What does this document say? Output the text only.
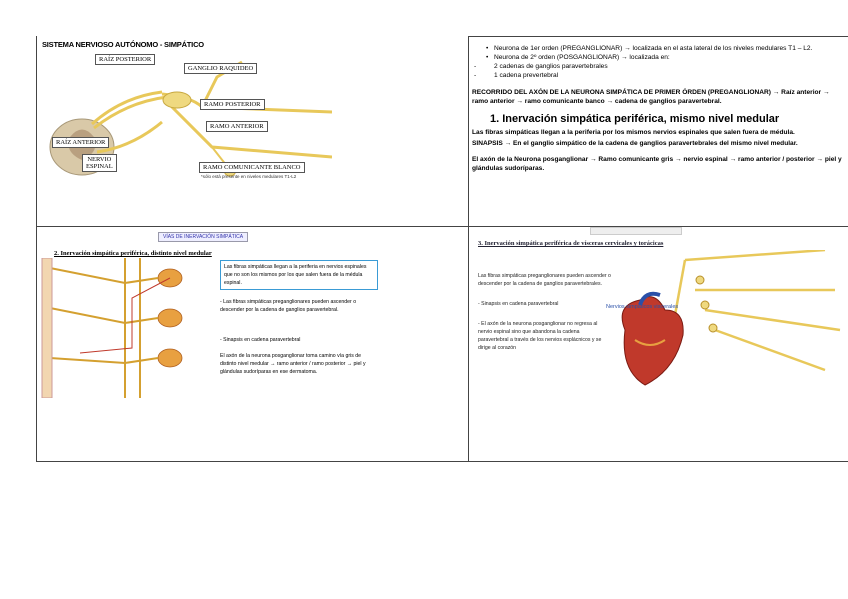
SISTEMA NERVIOSO AUTÓNOMO - SIMPÁTICO
RAÍZ POSTERIOR
GANGLIO RAQUIDEO
RAMO POSTERIOR
RAMO ANTERIOR
RAÍZ ANTERIOR
NERVIO
ESPINAL	RAMO COMUNICANTE BLANCO
*sólo está presente en niveles medulares T1-L2
• Neurona de 1er orden (PREGANGLIONAR) → localizada en el asta lateral de los niveles medulares T1 – L2.
• Neurona de 2º orden (POSGANGLIONAR) → localizada en:
-	2 cadenas de ganglios paravertebrales
-	1 cadena prevertebral
RECORRIDO DEL AXÓN DE LA NEURONA SIMPÁTICA DE PRIMER ÓRDEN (PREGANGLIONAR) → Raíz anterior → ramo anterior → ramo comunicante banco → cadena de ganglios paravertebral.
1. Inervación simpática periférica, mismo nivel medular
Las fibras simpáticas llegan a la periferia por los mismos nervios espinales que salen fuera de médula.
SINAPSIS → En el ganglio simpático de la cadena de ganglios paravertebrales del mismo nivel medular.
El axón de la Neurona posganglionar → Ramo comunicante gris → nervio espinal → ramo anterior / posterior → piel y glándulas sudoríparas.
VÍAS DE INERVACIÓN SIMPÁTICA
2. Inervación simpática periférica, distinto nivel medular
Las fibras simpáticas llegan a la periferia en nervios espinales que no son los mismos por los que salen fuera de la médula espinal.
- Las fibras simpáticas preganglionares pueden ascender o descender por la cadena de ganglios paravertebral.
- Sinapsis en cadena paravertebral
El axón de la neurona posganglionar toma camino vía gris de distinto nivel medular → ramo anterior / ramo posterior → piel y glándulas sudoríparas en ese dermatoma.
3. Inervación simpática periférica de vísceras cervicales y torácicas
Las fibras simpáticas preganglionares pueden ascender o descender por la cadena de ganglios paravertebrales.
- Sinapsis en cadena paravertebral
- El axón de la neurona posganglionar no regresa al nervio espinal sino que abandona la cadena paravertebral a través de los nervios esplácnicos y se dirige al corazón
Nervios simpáticos viscerales
